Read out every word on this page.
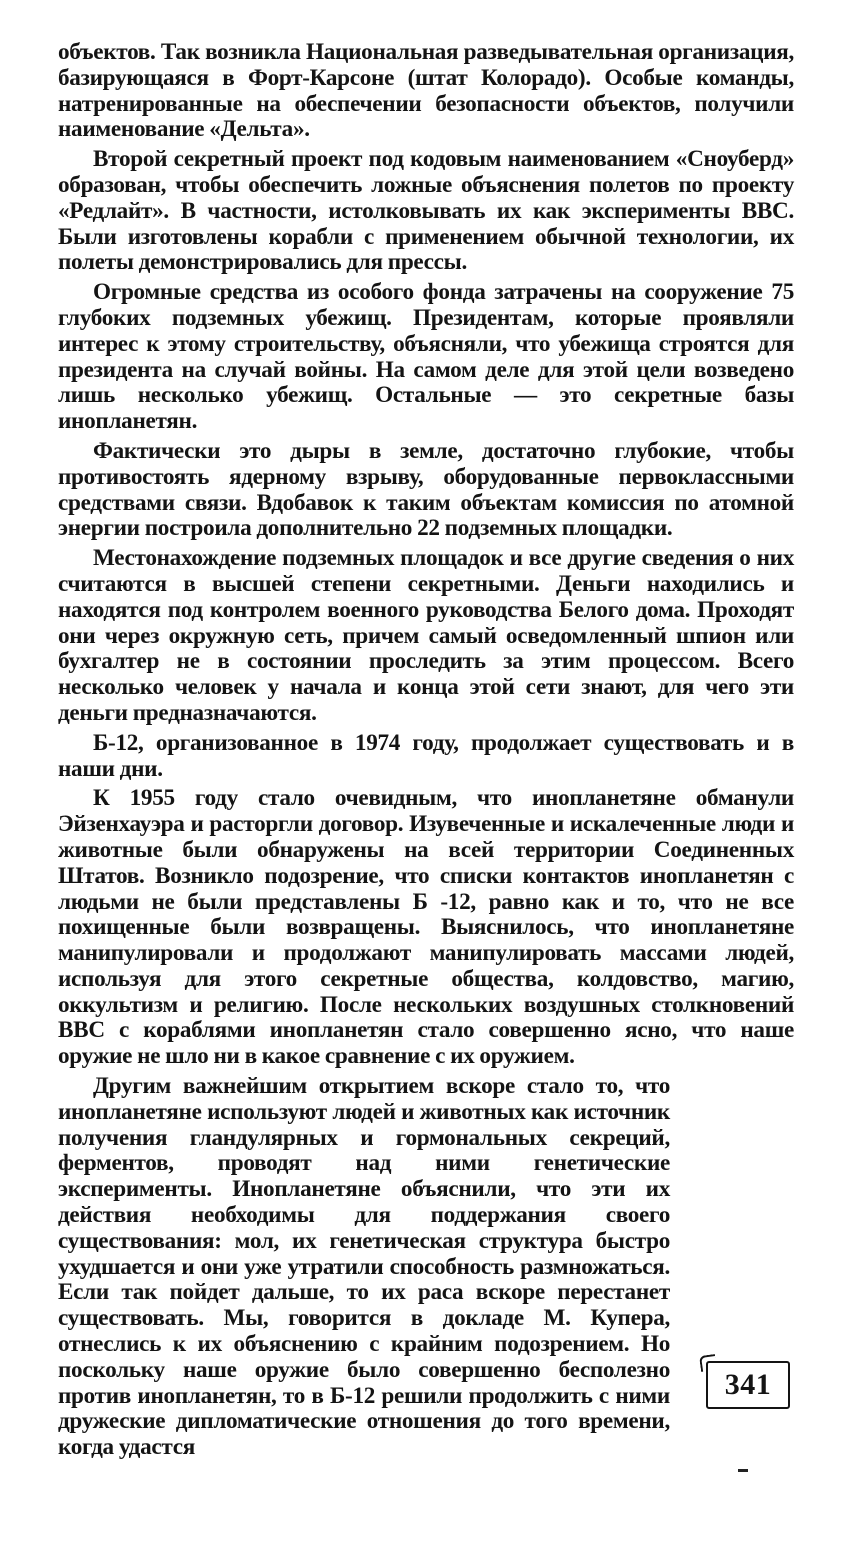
объектов. Так возникла Национальная разведывательная организация, базирующаяся в Форт-Карсоне (штат Колорадо). Особые команды, натренированные на обеспечении безопасности объектов, получили наименование «Дельта».

Второй секретный проект под кодовым наименованием «Сноуберд» образован, чтобы обеспечить ложные объяснения полетов по проекту «Редлайт». В частности, истолковывать их как эксперименты ВВС. Были изготовлены корабли с применением обычной технологии, их полеты демонстрировались для прессы.

Огромные средства из особого фонда затрачены на сооружение 75 глубоких подземных убежищ. Президентам, которые проявляли интерес к этому строительству, объясняли, что убежища строятся для президента на случай войны. На самом деле для этой цели возведено лишь несколько убежищ. Остальные — это секретные базы инопланетян.

Фактически это дыры в земле, достаточно глубокие, чтобы противостоять ядерному взрыву, оборудованные первоклассными средствами связи. Вдобавок к таким объектам комиссия по атомной энергии построила дополнительно 22 подземных площадки.

Местонахождение подземных площадок и все другие сведения о них считаются в высшей степени секретными. Деньги находились и находятся под контролем военного руководства Белого дома. Проходят они через окружную сеть, причем самый осведомленный шпион или бухгалтер не в состоянии проследить за этим процессом. Всего несколько человек у начала и конца этой сети знают, для чего эти деньги предназначаются.

Б-12, организованное в 1974 году, продолжает существовать и в наши дни.

К 1955 году стало очевидным, что инопланетяне обманули Эйзенхауэра и расторгли договор. Изувеченные и искалеченные люди и животные были обнаружены на всей территории Соединенных Штатов. Возникло подозрение, что списки контактов инопланетян с людьми не были представлены Б -12, равно как и то, что не все похищенные были возвращены. Выяснилось, что инопланетяне манипулировали и продолжают манипулировать массами людей, используя для этого секретные общества, колдовство, магию, оккультизм и религию. После нескольких воздушных столкновений ВВС с кораблями инопланетян стало совершенно ясно, что наше оружие не шло ни в какое сравнение с их оружием.

Другим важнейшим открытием вскоре стало то, что инопланетяне используют людей и животных как источник получения гландулярных и гормональных секреций, ферментов, проводят над ними генетические эксперименты. Инопланетяне объяснили, что эти их действия необходимы для поддержания своего существования: мол, их генетическая структура быстро ухудшается и они уже утратили способность размножаться. Если так пойдет дальше, то их раса вскоре перестанет существовать. Мы, говорится в докладе М. Купера, отнеслись к их объяснению с крайним подозрением. Но поскольку наше оружие было совершенно бесполезно против инопланетян, то в Б-12 решили продолжить с ними дружеские дипломатические отношения до того времени, когда удастся

341
